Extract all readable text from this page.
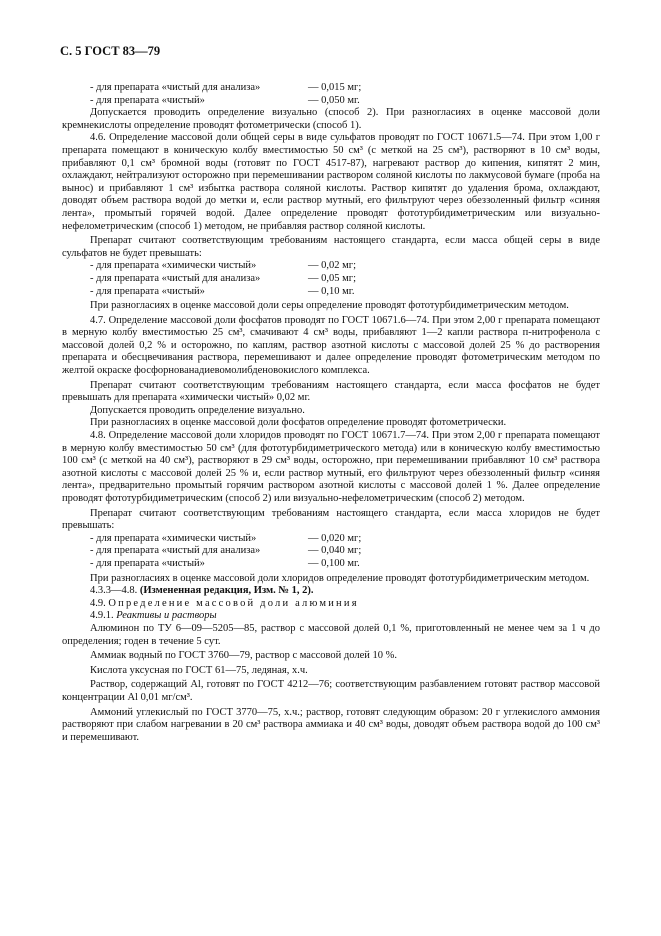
С. 5 ГОСТ 83—79
- для препарата «чистый для анализа»	— 0,015 мг;
- для препарата «чистый»	— 0,050 мг.

Допускается проводить определение визуально (способ 2). При разногласиях в оценке массовой доли кремнекислоты определение проводят фотометрически (способ 1).

4.6. Определение массовой доли общей серы в виде сульфатов проводят по ГОСТ 10671.5—74. При этом 1,00 г препарата помещают в коническую колбу вместимостью 50 см³ (с меткой на 25 см³), растворяют в 10 см³ воды, прибавляют 0,1 см³ бромной воды (готовят по ГОСТ 4517-87), нагревают раствор до кипения, кипятят 2 мин, охлаждают, нейтрализуют осторожно при перемешивании раствором соляной кислоты по лакмусовой бумаге (проба на вынос) и прибавляют 1 см³ избытка раствора соляной кислоты. Раствор кипятят до удаления брома, охлаждают, доводят объем раствора водой до метки и, если раствор мутный, его фильтруют через обеззоленный фильтр «синяя лента», промытый горячей водой. Далее определение проводят фототурбидиметрическим или визуально-нефелометрическим (способ 1) методом, не прибавляя раствор соляной кислоты.

Препарат считают соответствующим требованиям настоящего стандарта, если масса общей серы в виде сульфатов не будет превышать:

- для препарата «химически чистый»	— 0,02 мг;
- для препарата «чистый для анализа»	— 0,05 мг;
- для препарата «чистый»	— 0,10 мг.

При разногласиях в оценке массовой доли серы определение проводят фототурбидиметрическим методом.

4.7. Определение массовой доли фосфатов проводят по ГОСТ 10671.6—74. При этом 2,00 г препарата помещают в мерную колбу вместимостью 25 см³, смачивают 4 см³ воды, прибавляют 1—2 капли раствора п-нитрофенола с массовой долей 0,2 % и осторожно, по каплям, раствор азотной кислоты с массовой долей 25 % до растворения препарата и обесцвечивания раствора, перемешивают и далее определение проводят фотометрическим методом по желтой окраске фосфорнованадиевомолибденовокислого комплекса.

Препарат считают соответствующим требованиям настоящего стандарта, если масса фосфатов не будет превышать для препарата «химически чистый» 0,02 мг.

Допускается проводить определение визуально.

При разногласиях в оценке массовой доли фосфатов определение проводят фотометрически.

4.8. Определение массовой доли хлоридов проводят по ГОСТ 10671.7—74. При этом 2,00 г препарата помещают в мерную колбу вместимостью 50 см³ (для фототурбидиметрического метода) или в коническую колбу вместимостью 100 см³ (с меткой на 40 см³), растворяют в 29 см³ воды, осторожно, при перемешивании прибавляют 10 см³ раствора азотной кислоты с массовой долей 25 % и, если раствор мутный, его фильтруют через обеззоленный фильтр «синяя лента», предварительно промытый горячим раствором азотной кислоты с массовой долей 1 %. Далее определение проводят фототурбидиметрическим (способ 2) или визуально-нефелометрическим (способ 2) методом.

Препарат считают соответствующим требованиям настоящего стандарта, если масса хлоридов не будет превышать:

- для препарата «химически чистый»	— 0,020 мг;
- для препарата «чистый для анализа»	— 0,040 мг;
- для препарата «чистый»	— 0,100 мг.

При разногласиях в оценке массовой доли хлоридов определение проводят фототурбидиметрическим методом.

4.3.3—4.8. (Измененная редакция, Изм. № 1, 2).

4.9. Определение массовой доли алюминия

4.9.1. Реактивы и растворы

Алюминон по ТУ 6—09—5205—85, раствор с массовой долей 0,1 %, приготовленный не менее чем за 1 ч до определения; годен в течение 5 сут.

Аммиак водный по ГОСТ 3760—79, раствор с массовой долей 10 %.

Кислота уксусная по ГОСТ 61—75, ледяная, х.ч.

Раствор, содержащий Al, готовят по ГОСТ 4212—76; соответствующим разбавлением готовят раствор массовой концентрации Al 0,01 мг/см³.

Аммоний углекислый по ГОСТ 3770—75, х.ч.; раствор, готовят следующим образом: 20 г углекислого аммония растворяют при слабом нагревании в 20 см³ раствора аммиака и 40 см³ воды, доводят объем раствора водой до 100 см³ и перемешивают.
